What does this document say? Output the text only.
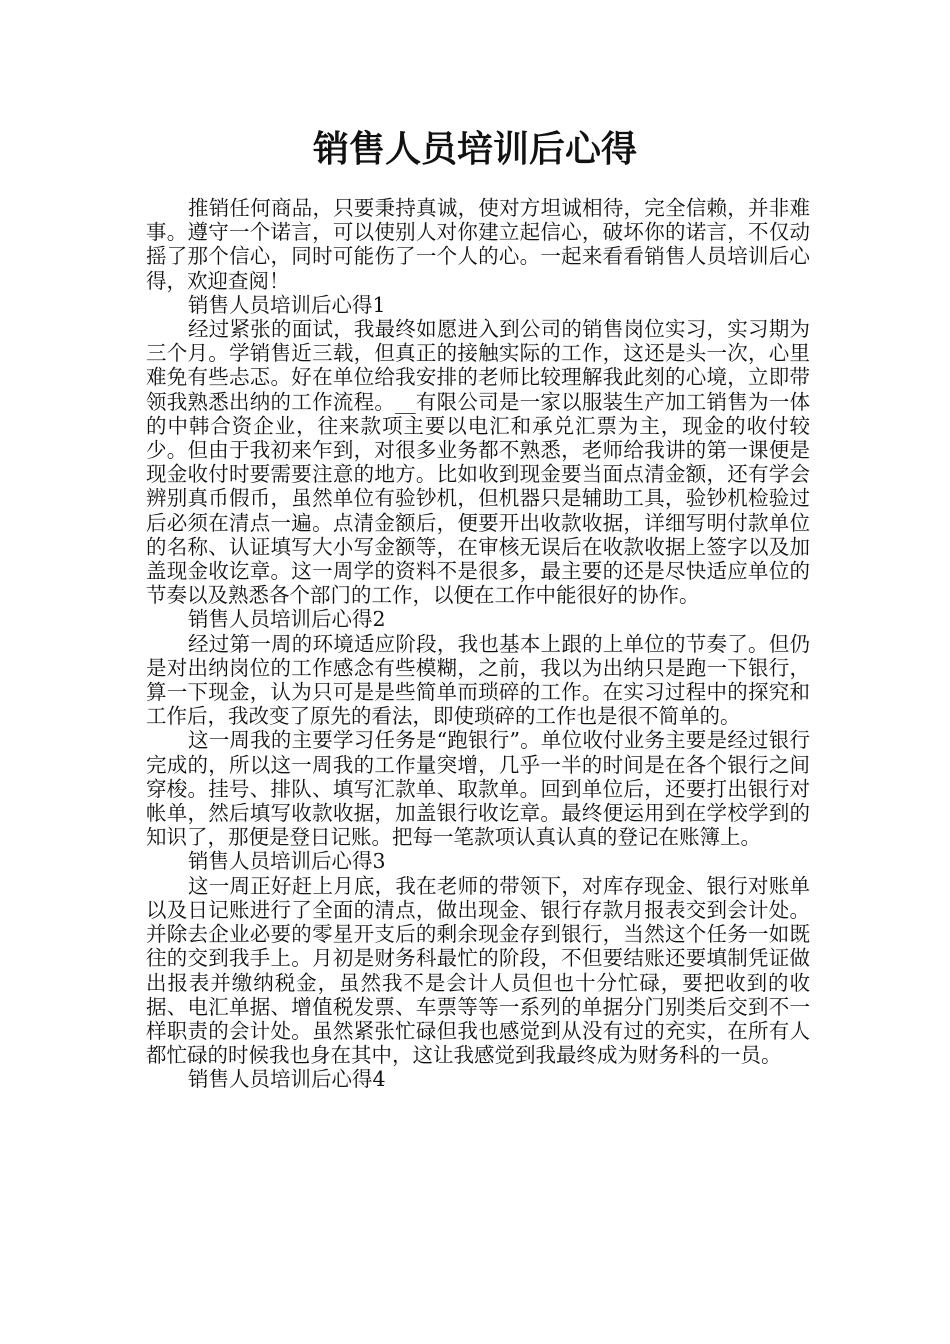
销售人员培训后心得

推销任何商品，只要秉持真诚，使对方坦诚相待，完全信赖，并非难事。遵守一个诺言，可以使别人对你建立起信心，破坏你的诺言，不仅动摇了那个信心，同时可能伤了一个人的心。一起来看看销售人员培训后心得，欢迎查阅！

销售人员培训后心得1

经过紧张的面试，我最终如愿进入到公司的销售岗位实习，实习期为三个月。学销售近三载，但真正的接触实际的工作，这还是头一次，心里难免有些忐忑。好在单位给我安排的老师比较理解我此刻的心境，立即带领我熟悉出纳的工作流程。__有限公司是一家以服装生产加工销售为一体的中韩合资企业，往来款项主要以电汇和承兑汇票为主，现金的收付较少。但由于我初来乍到，对很多业务都不熟悉，老师给我讲的第一课便是现金收付时要需要注意的地方。比如收到现金要当面点清金额，还有学会辨别真币假币，虽然单位有验钞机，但机器只是辅助工具，验钞机检验过后必须在清点一遍。点清金额后，便要开出收款收据，详细写明付款单位的名称、认证填写大小写金额等，在审核无误后在收款收据上签字以及加盖现金收讫章。这一周学的资料不是很多，最主要的还是尽快适应单位的节奏以及熟悉各个部门的工作，以便在工作中能很好的协作。

销售人员培训后心得2

经过第一周的环境适应阶段，我也基本上跟的上单位的节奏了。但仍是对出纳岗位的工作感念有些模糊，之前，我以为出纳只是跑一下银行，算一下现金，认为只可是是些简单而琐碎的工作。在实习过程中的探究和工作后，我改变了原先的看法，即使琐碎的工作也是很不简单的。

这一周我的主要学习任务是“跑银行”。单位收付业务主要是经过银行完成的，所以这一周我的工作量突增，几乎一半的时间是在各个银行之间穿梭。挂号、排队、填写汇款单、取款单。回到单位后，还要打出银行对帐单，然后填写收款收据，加盖银行收讫章。最终便运用到在学校学到的知识了，那便是登日记账。把每一笔款项认真认真的登记在账簿上。

销售人员培训后心得3

这一周正好赶上月底，我在老师的带领下，对库存现金、银行对账单以及日记账进行了全面的清点，做出现金、银行存款月报表交到会计处。并除去企业必要的零星开支后的剩余现金存到银行，当然这个任务一如既往的交到我手上。月初是财务科最忙的阶段，不但要结账还要填制凭证做出报表并缴纳税金，虽然我不是会计人员但也十分忙碌，要把收到的收据、电汇单据、增值税发票、车票等等一系列的单据分门别类后交到不一样职责的会计处。虽然紧张忙碌但我也感觉到从没有过的充实，在所有人都忙碌的时候我也身在其中，这让我感觉到我最终成为财务科的一员。

销售人员培训后心得4
